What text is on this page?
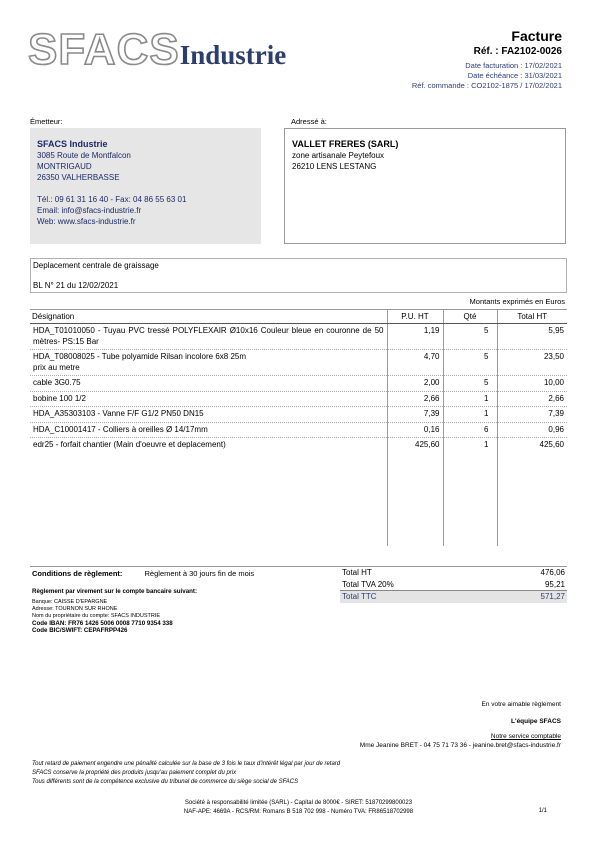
SFACSIndustrie
Facture
Réf. : FA2102-0026
Date facturation : 17/02/2021
Date échéance : 31/03/2021
Réf. commande : CO2102-1875 / 17/02/2021
Émetteur:	Adressé à:
SFACS Industrie
3085 Route de Montfalcon
MONTRIGAUD
26350 VALHERBASSE
Tél.: 09 61 31 16 40 - Fax: 04 86 55 63 01
Email: info@sfacs-industrie.fr
Web: www.sfacs-industrie.fr
VALLET FRERES (SARL)
zone artisanale Peytefoux
26210 LENS LESTANG
Deplacement centrale de graissage
BL N° 21 du 12/02/2021
Montants exprimés en Euros
Désignation	P.U. HT	Qté	Total HT
HDA_T01010050 - Tuyau PVC tressé POLYFLEXAIR Ø10x16 Couleur bleue en couronne de 50 mètres- PS:15 Bar	1,19	5	5,95

HDA_T08008025 - Tube polyamide Rilsan incolore 6x8 25m
prix au metre	4,70	5	23,50
cable 3G0.75	2,00	5	10,00
bobine 100 1/2	2,66	1	2,66
HDA_A35303103 - Vanne F/F G1/2 PN50 DN15	7,39	1	7,39
HDA_C10001417 - Colliers à oreilles Ø 14/17mm	0,16	6	0,96
edr25 - forfait chantier (Main d'oeuvre et deplacement)	425,60	1	425,60
Conditions de règlement:	Règlement à 30 jours fin de mois
Règlement par virement sur le compte bancaire suivant:
Banque: CAISSE D'EPARGNE
Adresse: TOURNON SUR RHONE
Nom du propriétaire du compte: SFACS INDUSTRIE
Code IBAN: FR76 1426 5006 0008 7710 9354 338
Code BIC/SWIFT: CEPAFRPP426
Total HT	476,06
Total TVA 20%	95,21
Total TTC	571,27
En votre aimable règlement
L'équipe SFACS
Notre service comptable
Mme Jeanine BRET - 04 75 71 73 36 - jeanine.bret@sfacs-industrie.fr
Tout retard de paiement engendre une pénalité calculée sur la base de 3 fois le taux d'intérêt légal par jour de retard
SFACS conserve la propriété des produits jusqu'au paiement complet du prix
Tous différents sont de la compétence exclusive du tribunal de commerce du siège social de SFACS
Société à responsabilité limitée (SARL) - Capital de 8000€ - SIRET: 51870299800023
NAF-APE: 4669A - RCS/RM: Romans B 518 702 998 - Numéro TVA: FR86518702998	1/1
